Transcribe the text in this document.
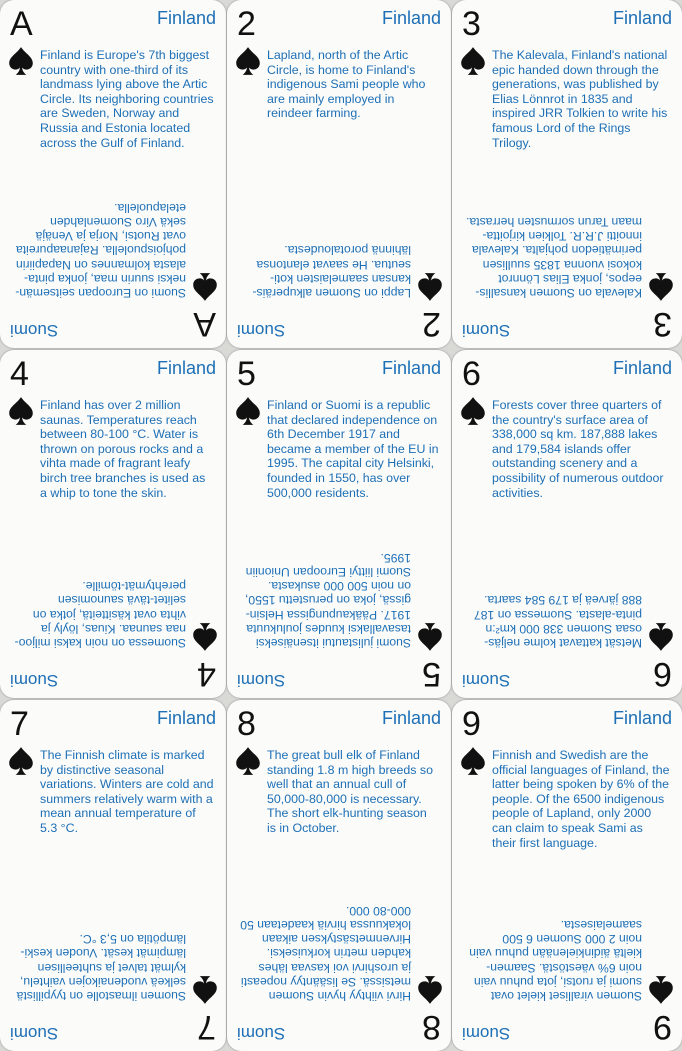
A	Finland

Finland is Europe's 7th biggest country with one-third of its landmass lying above the Artic Circle. Its neighboring countries are Sweden, Norway and Russia and Estonia located across the Gulf of Finland.

A
Suomi

Suomi on Euroopan seitsemän-neksi suurin maa, jonka pinta-alasta kolmannes on Napapiirin pohjoispuolella. Rajanaapureita ovat Ruotsi, Norja ja Venäjä sekä Viro Suomenlahden etelapuolella.

2	Finland

Lapland, north of the Artic Circle, is home to Finland's indigenous Sami people who are mainly employed in reindeer farming.

2
Suomi

Lappi on Suomen alkuperäis-kansan saamelaisten koti-seutua. He saavat elantonsa lähinnä porotaloudesta.

3	Finland

The Kalevala, Finland's national epic handed down through the generations, was published by Elias Lönnrot in 1835 and inspired JRR Tolkien to write his famous Lord of the Rings Trilogy.

3
Suomi

Kalevala on Suomen kansallis-eepos, jonka Elias Lönnrot kokosi vuonna 1835 suullisen perimätiedon pohjalta. Kalevala innoitti J.R.R. Tolkien kirjoitta-maan Tarun sormusten herrasta.

4	Finland

Finland has over 2 million saunas. Temperatures reach between 80-100 °C. Water is thrown on porous rocks and a vihta made of fragrant leafy birch tree branches is used as a whip to tone the skin.

4
Suomi

Suomessa on noin kaksi miljoo-naa saunaa. Kiuas, löyly ja vihta ovat käsitteitä, jotka on selitet-tävä saunomisen perehtymät-tömille.

5	Finland

Finland or Suomi is a republic that declared independence on 6th December 1917 and became a member of the EU in 1995. The capital city Helsinki, founded in 1550, has over 500,000 residents.

5
Suomi

Suomi julistautui itsenäiseksi tasavallaksi kuudes joulukuuta 1917. Pääkaupungissa Helsin-gissä, joka on perustettu 1550, on noin 500 000 asukasta. Suomi liittyi Euroopan Unioniin 1995.

6	Finland

Forests cover three quarters of the country's surface area of 338,000 sq km. 187,888 lakes and 179,584 islands offer outstanding scenery and a possibility of numerous outdoor activities.

6
Suomi

Metsät kattavat kolme neljäs-osaa Suomen 338 000 km²:n pinta-alasta. Suomessa on 187 888 järveä ja 179 584 saarta.

7	Finland

The Finnish climate is marked by distinctive seasonal variations. Winters are cold and summers relatively warm with a mean annual temperature of 5.3 °C.

7
Suomi

Suomen ilmastolle on tyypillistä selkeä vuodenaikojen vaihtelu, kylmät talvet ja suhteellisen lämpimät kesät. Vuoden keski-lämpötila on 5,3 °C.

8	Finland

The great bull elk of Finland standing 1.8 m high breeds so well that an annual cull of 50,000-80,000 is necessary. The short elk-hunting season is in October.

8
Suomi

Hirvi viihtyy hyvin Suomen metsissä. Se lisääntyy nopeasti ja uroshirvi voi kasvaa lähes kahden metrin korkuiseksi. Hirvenmetsästyksen aikaan lokakuussa hirviä kaadetaan 50 000-80 000.

9	Finland

Finnish and Swedish are the official languages of Finland, the latter being spoken by 6% of the people. Of the 6500 indigenous people of Lapland, only 2000 can claim to speak Sami as their first language.

9
Suomi

Suomen viralliset kielet ovat suomi ja ruotsi, jota puhuu vain noin 6% väestöstä. Saamen-kieltä äidinkielenään puhuu vain noin 2 000 Suomen 6 500 saamelaisesta.
